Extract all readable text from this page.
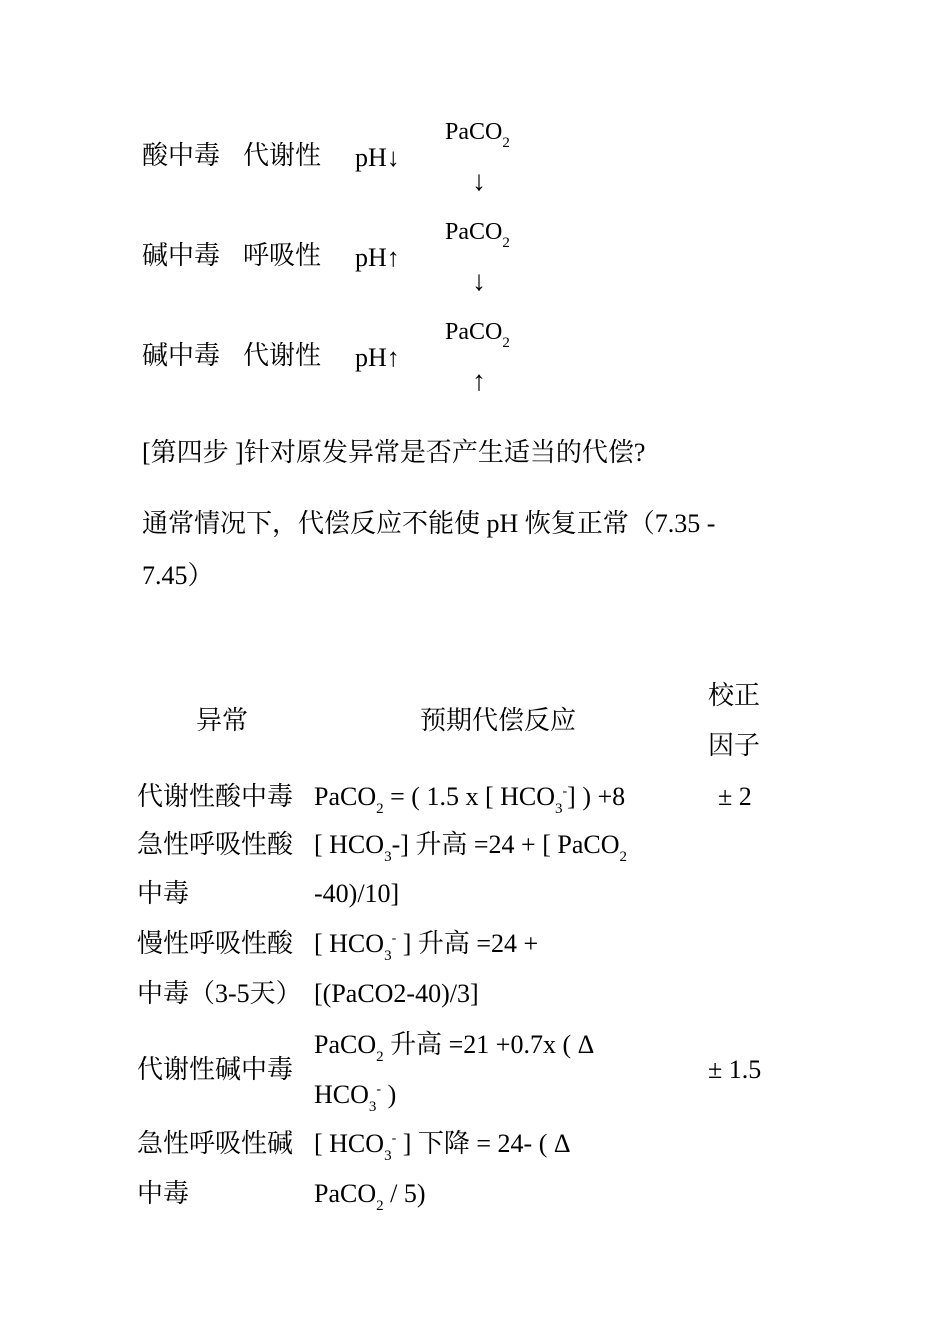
酸中毒 代谢性 pH↓
PaCO$_2$
↓
碱中毒 呼吸性 pH↑
PaCO$_2$
↓
碱中毒 代谢性 pH↑
PaCO$_2$
↑
[第四步 ]针对原发异常是否产生适当的代偿?
通常情况下，代偿反应不能使 pH 恢复正常（7.35 -
7.45）
异常	预期代偿反应
校正
因子
代谢性酸中毒 PaCO$_2$ = ( 1.5 x [ $HCO_3^-$] ) +8	± 2
急性呼吸性酸
中毒
[ $HCO_3-$] 升高 =24 + [ PaCO$_2$
-40)/10]
慢性呼吸性酸
中毒（3-5天）
[ $HCO_3^-$ ] 升高 =24 +
[(PaCO2-40)/3]
代谢性碱中毒
PaCO$_2$ 升高 =21 +0.7x ( Δ
$HCO_3^-$ )
± 1.5
急性呼吸性碱
中毒
[ $HCO_3^-$ ] 下降 = 24- ( Δ
PaCO$_2$ / 5)
